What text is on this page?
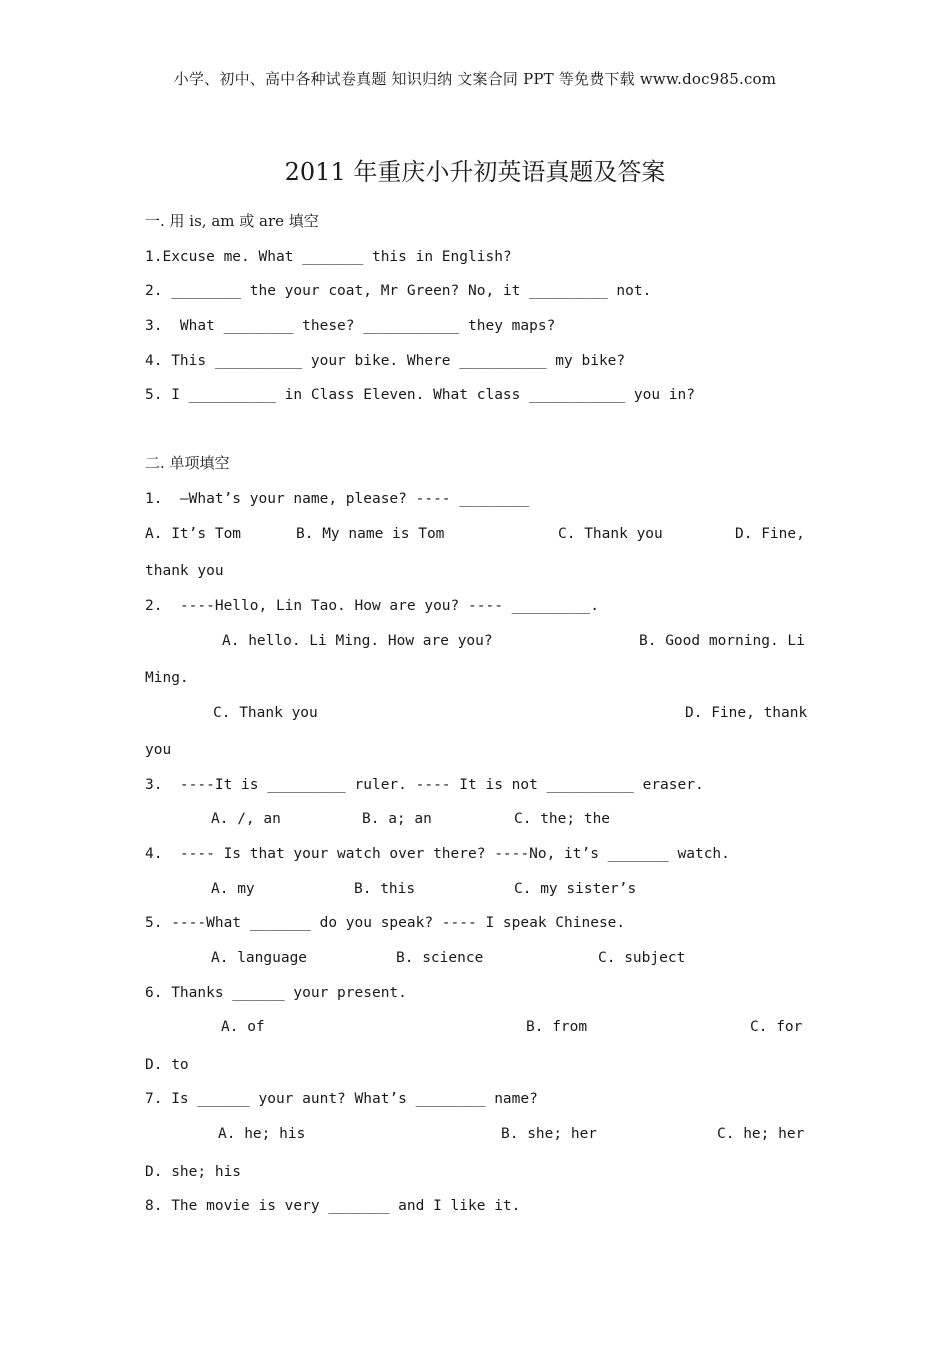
小学、初中、高中各种试卷真题 知识归纳 文案合同 PPT 等免费下载 www.doc985.com
2011 年重庆小升初英语真题及答案
一. 用 is, am 或 are 填空
1.Excuse me. What _______ this in English?
2. ________ the your coat, Mr Green? No, it _________ not.
3.  What ________ these? ___________ they maps?
4. This __________ your bike. Where __________ my bike?
5. I __________ in Class Eleven. What class ___________ you in?
二. 单项填空
1.  –What’s your name, please? ---- ________

A. It’s Tom

	B. My name is Tom

	C. Thank you

	D. Fine,

thank you
2.  ----Hello, Lin Tao. How are you? ---- _________.

A. hello. Li Ming. How are you?

	B. Good morning. Li

Ming.

C. Thank you

	D. Fine, thank

you
3.  ----It is _________ ruler. ---- It is not __________ eraser.

A. /, an

	B. a; an

	C. the; the

4.  ---- Is that your watch over there? ----No, it’s _______ watch.

A. my

	B. this

	C. my sister’s

5. ----What _______ do you speak? ---- I speak Chinese.

A. language

	B. science

	C. subject

6. Thanks ______ your present.

A. of

	B. from

	C. for

D. to
7. Is ______ your aunt? What’s ________ name?

A. he; his

	B. she; her

	C. he; her

D. she; his
8. The movie is very _______ and I like it.
